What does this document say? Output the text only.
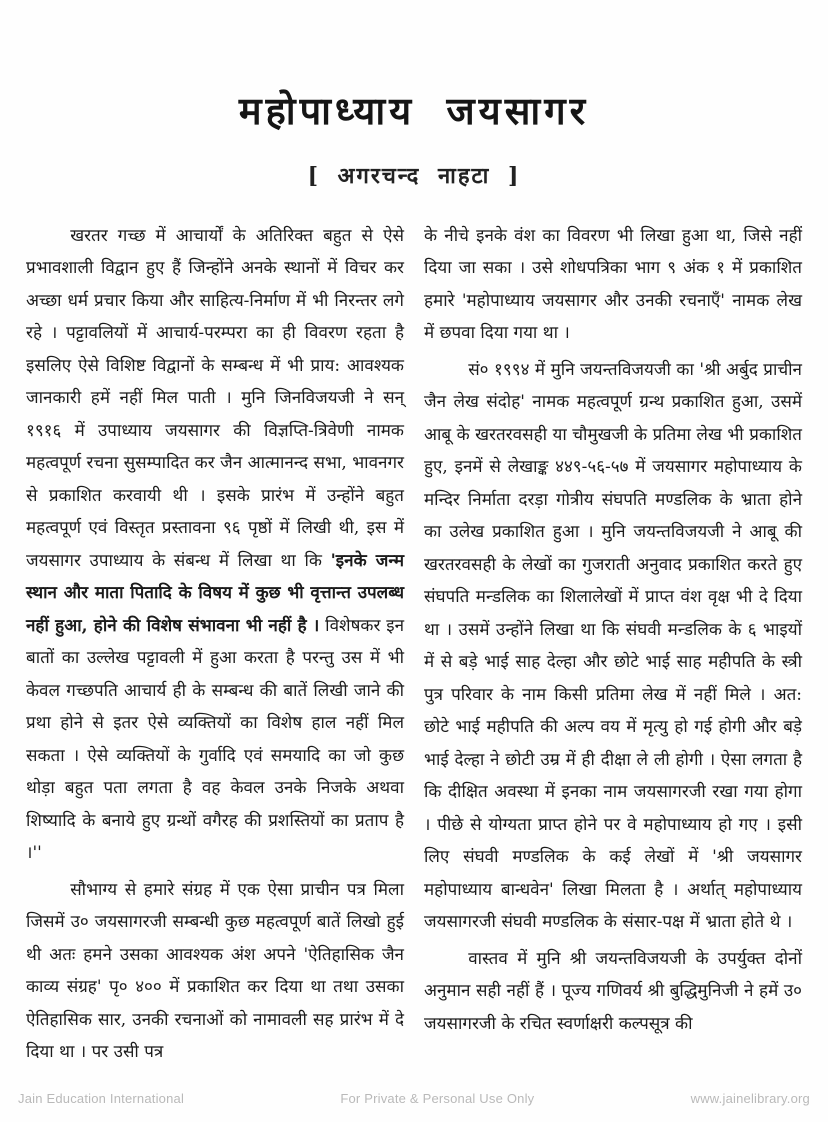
महोपाध्याय जयसागर
[ अगरचन्द नाहटा ]

खरतर गच्छ में आचार्यों के अतिरिक्त बहुत से ऐसे प्रभावशाली विद्वान हुए हैं जिन्होंने अनके स्थानों में विचर कर अच्छा धर्म प्रचार किया और साहित्य-निर्माण में भी निरन्तर लगे रहे । पट्टावलियों में आचार्य-परम्परा का ही विवरण रहता है इसलिए ऐसे विशिष्ट विद्वानों के सम्बन्ध में भी प्राय: आवश्यक जानकारी हमें नहीं मिल पाती । मुनि जिनविजयजी ने सन् १९१६ में उपाध्याय जयसागर की विज्ञप्ति-त्रिवेणी नामक महत्वपूर्ण रचना सुसम्पादित कर जैन आत्मानन्द सभा, भावनगर से प्रकाशित करवायी थी । इसके प्रारंभ में उन्होंने बहुत महत्वपूर्ण एवं विस्तृत प्रस्तावना ९६ पृष्ठों में लिखी थी, इस में जयसागर उपाध्याय के संबन्ध में लिखा था कि 'इनके जन्म स्थान और माता पितादि के विषय में कुछ भी वृत्तान्त उपलब्ध नहीं हुआ, होने की विशेष संभावना भी नहीं है । विशेषकर इन बातों का उल्लेख पट्टावली में हुआ करता है परन्तु उस में भी केवल गच्छपति आचार्य ही के सम्बन्ध की बातें लिखी जाने की प्रथा होने से इतर ऐसे व्यक्तियों का विशेष हाल नहीं मिल सकता । ऐसे व्यक्तियों के गुर्वादि एवं समयादि का जो कुछ थोड़ा बहुत पता लगता है वह केवल उनके निजके अथवा शिष्यादि के बनाये हुए ग्रन्थों वगैरह की प्रशस्तियों का प्रताप है ।''

सौभाग्य से हमारे संग्रह में एक ऐसा प्राचीन पत्र मिला जिसमें उ० जयसागरजी सम्बन्धी कुछ महत्वपूर्ण बातें लिखो हुई थी अतः हमने उसका आवश्यक अंश अपने 'ऐतिहासिक जैन काव्य संग्रह' पृ० ४०० में प्रकाशित कर दिया था तथा उसका ऐतिहासिक सार, उनकी रचनाओं को नामावली सह प्रारंभ में दे दिया था । पर उसी पत्र

के नीचे इनके वंश का विवरण भी लिखा हुआ था, जिसे नहीं दिया जा सका । उसे शोधपत्रिका भाग ९ अंक १ में प्रकाशित हमारे 'महोपाध्याय जयसागर और उनकी रचनाएँ' नामक लेख में छपवा दिया गया था ।

सं० १९९४ में मुनि जयन्तविजयजी का 'श्री अर्बुद प्राचीन जैन लेख संदोह' नामक महत्वपूर्ण ग्रन्थ प्रकाशित हुआ, उसमें आबू के खरतरवसही या चौमुखजी के प्रतिमा लेख भी प्रकाशित हुए, इनमें से लेखाङ्क ४४९-५६-५७ में जयसागर महोपाध्याय के मन्दिर निर्माता दरड़ा गोत्रीय संघपति मण्डलिक के भ्राता होने का उलेख प्रकाशित हुआ । मुनि जयन्तविजयजी ने आबू की खरतरवसही के लेखों का गुजराती अनुवाद प्रकाशित करते हुए संघपति मन्डलिक का शिलालेखों में प्राप्त वंश वृक्ष भी दे दिया था । उसमें उन्होंने लिखा था कि संघवी मन्डलिक के ६ भाइयों में से बड़े भाई साह देल्हा और छोटे भाई साह महीपति के स्त्री पुत्र परिवार के नाम किसी प्रतिमा लेख में नहीं मिले । अत: छोटे भाई महीपति की अल्प वय में मृत्यु हो गई होगी और बड़े भाई देल्हा ने छोटी उम्र में ही दीक्षा ले ली होगी । ऐसा लगता है कि दीक्षित अवस्था में इनका नाम जयसागरजी रखा गया होगा । पीछे से योग्यता प्राप्त होने पर वे महोपाध्याय हो गए । इसी लिए संघवी मण्डलिक के कई लेखों में 'श्री जयसागर महोपाध्याय बान्धवेन' लिखा मिलता है । अर्थात् महोपाध्याय जयसागरजी संघवी मण्डलिक के संसार-पक्ष में भ्राता होते थे ।

वास्तव में मुनि श्री जयन्तविजयजी के उपर्युक्त दोनों अनुमान सही नहीं हैं । पूज्य गणिवर्य श्री बुद्धिमुनिजी ने हमें उ० जयसागरजी के रचित स्वर्णाक्षरी कल्पसूत्र की

Jain Education International	For Private & Personal Use Only	www.jainelibrary.org
